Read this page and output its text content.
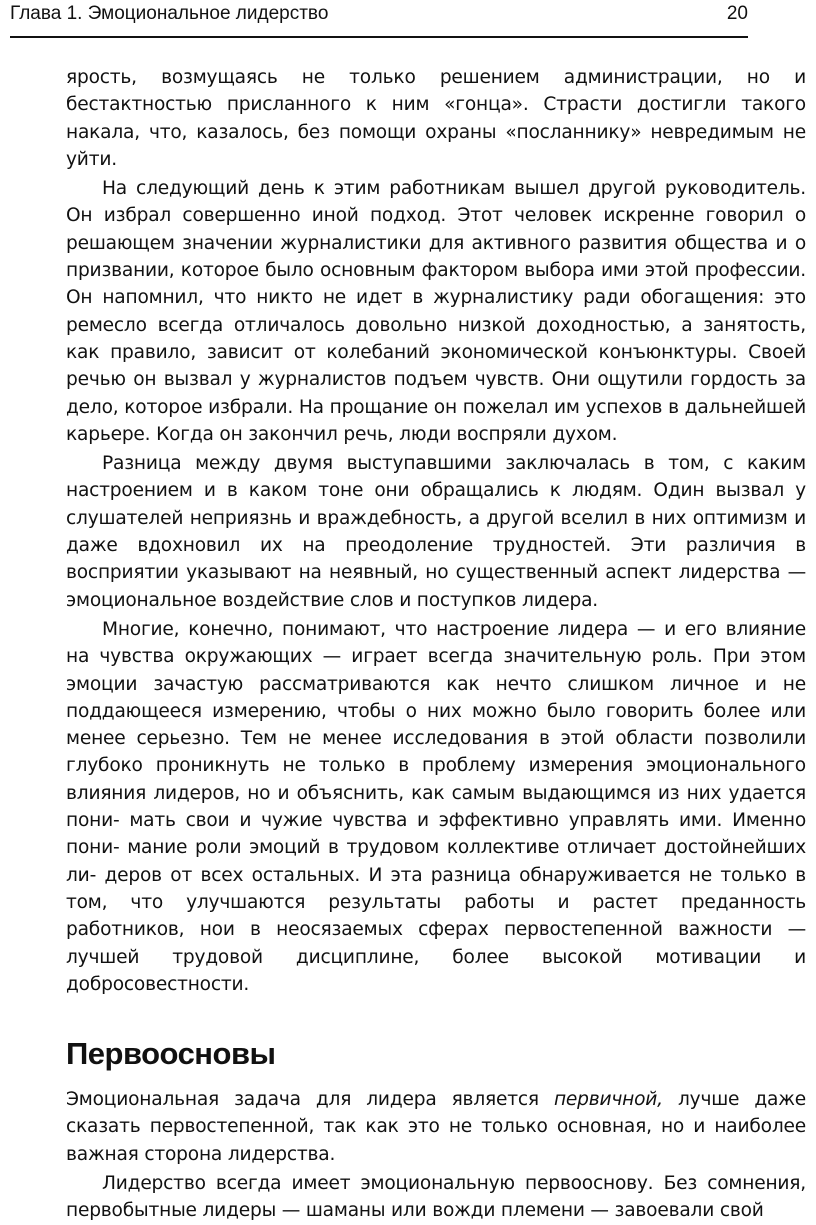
Глава 1. Эмоциональное лидерство	20

ярость, возмущаясь не только решением администрации, но и бестактностью присланного к ним «гонца». Страсти достигли такого накала, что, казалось, без помощи охраны «посланнику» невредимым не уйти.

На следующий день к этим работникам вышел другой руководитель. Он избрал совершенно иной подход. Этот человек искренне говорил о решающем значении журналистики для активного развития общества и о призвании, которое было основным фактором выбора ими этой профессии. Он напомнил, что никто не идет в журналистику ради обогащения: это ремесло всегда отличалось довольно низкой доходностью, а занятость, как правило, зависит от колебаний экономической конъюнктуры. Своей речью он вызвал у журналистов подъем чувств. Они ощутили гордость за дело, которое избрали. На прощание он пожелал им успехов в дальнейшей карьере. Когда он закончил речь, люди воспряли духом.

Разница между двумя выступавшими заключалась в том, с каким настроением и в каком тоне они обращались к людям. Один вызвал у слушателей неприязнь и враждебность, а другой вселил в них оптимизм и даже вдохновил их на преодоление трудностей. Эти различия в восприятии указывают на неявный, но существенный аспект лидерства — эмоциональное воздействие слов и поступков лидера.

Многие, конечно, понимают, что настроение лидера — и его влияние на чувства окружающих — играет всегда значительную роль. При этом эмоции зачастую рассматриваются как нечто слишком личное и не поддающееся измерению, чтобы о них можно было говорить более или менее серьезно. Тем не менее исследования в этой области позволили глубоко проникнуть не только в проблему измерения эмоционального влияния лидеров, но и объяснить, как самым выдающимся из них удается пони- мать свои и чужие чувства и эффективно управлять ими. Именно пони- мание роли эмоций в трудовом коллективе отличает достойнейших ли- деров от всех остальных. И эта разница обнаруживается не только в том, что улучшаются результаты работы и растет преданность работников, нои в неосязаемых сферах первостепенной важности — лучшей трудовой дисциплине, более высокой мотивации и добросовестности.

Первоосновы

Эмоциональная задача для лидера является первичной, лучше даже сказать первостепенной, так как это не только основная, но и наиболее важная сторона лидерства.

Лидерство всегда имеет эмоциональную первооснову. Без сомнения, первобытные лидеры — шаманы или вожди племени — завоевали свой
